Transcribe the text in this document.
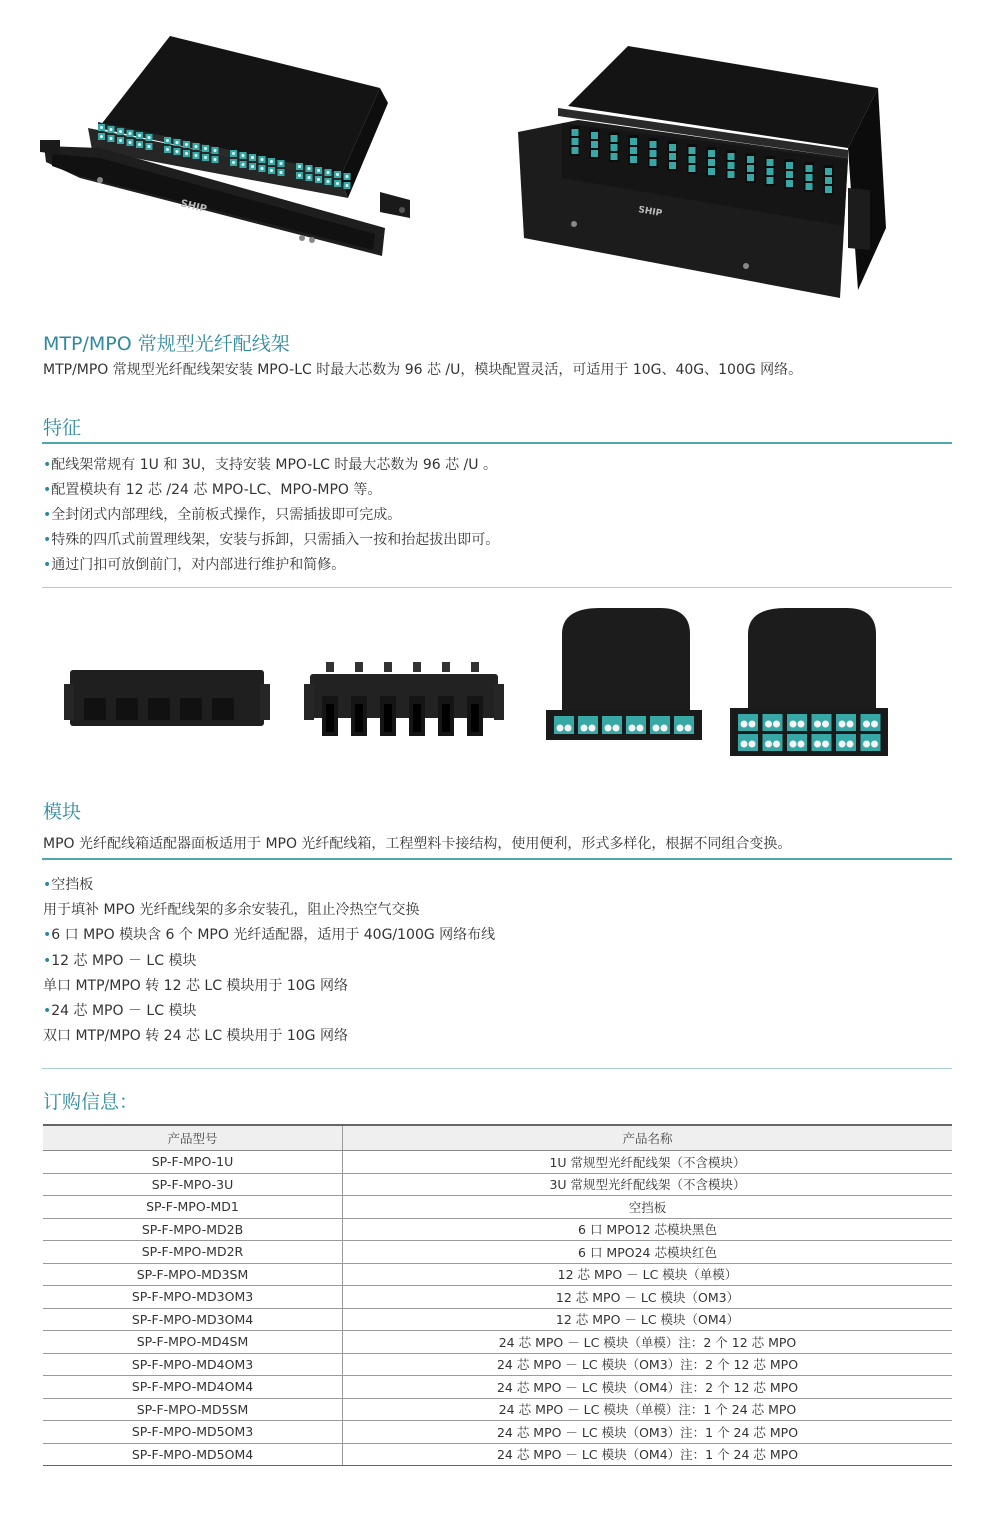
SHIP	SHIP
MTP/MPO 常规型光纤配线架
MTP/MPO 常规型光纤配线架安装 MPO-LC 时最大芯数为 96 芯 /U，模块配置灵活，可适用于 10G、40G、100G 网络。
特征
•配线架常规有 1U 和 3U，支持安装 MPO-LC 时最大芯数为 96 芯 /U 。
•配置模块有 12 芯 /24 芯 MPO-LC、MPO-MPO 等。
•全封闭式内部理线，全前板式操作，只需插拔即可完成。
•特殊的四爪式前置理线架，安装与拆卸，只需插入一按和抬起拔出即可。
•通过门扣可放倒前门，对内部进行维护和简修。
模块
MPO 光纤配线箱适配器面板适用于 MPO 光纤配线箱，工程塑料卡接结构，使用便利，形式多样化，根据不同组合变换。
•空挡板
用于填补 MPO 光纤配线架的多余安装孔，阻止冷热空气交换
•6 口 MPO 模块含 6 个 MPO 光纤适配器，适用于 40G/100G 网络布线
•12 芯 MPO － LC 模块
单口 MTP/MPO 转 12 芯 LC 模块用于 10G 网络
•24 芯 MPO － LC 模块
双口 MTP/MPO 转 24 芯 LC 模块用于 10G 网络
订购信息：
产品型号	产品名称
SP-F-MPO-1U	1U 常规型光纤配线架（不含模块）
SP-F-MPO-3U	3U 常规型光纤配线架（不含模块）
SP-F-MPO-MD1	空挡板
SP-F-MPO-MD2B	6 口 MPO12 芯模块黑色
SP-F-MPO-MD2R	6 口 MPO24 芯模块红色
SP-F-MPO-MD3SM	12 芯 MPO － LC 模块（单模）
SP-F-MPO-MD3OM3	12 芯 MPO － LC 模块（OM3）
SP-F-MPO-MD3OM4	12 芯 MPO － LC 模块（OM4）
SP-F-MPO-MD4SM	24 芯 MPO － LC 模块（单模）注：2 个 12 芯 MPO
SP-F-MPO-MD4OM3	24 芯 MPO － LC 模块（OM3）注：2 个 12 芯 MPO
SP-F-MPO-MD4OM4	24 芯 MPO － LC 模块（OM4）注：2 个 12 芯 MPO
SP-F-MPO-MD5SM	24 芯 MPO － LC 模块（单模）注：1 个 24 芯 MPO
SP-F-MPO-MD5OM3	24 芯 MPO － LC 模块（OM3）注：1 个 24 芯 MPO
SP-F-MPO-MD5OM4	24 芯 MPO － LC 模块（OM4）注：1 个 24 芯 MPO
